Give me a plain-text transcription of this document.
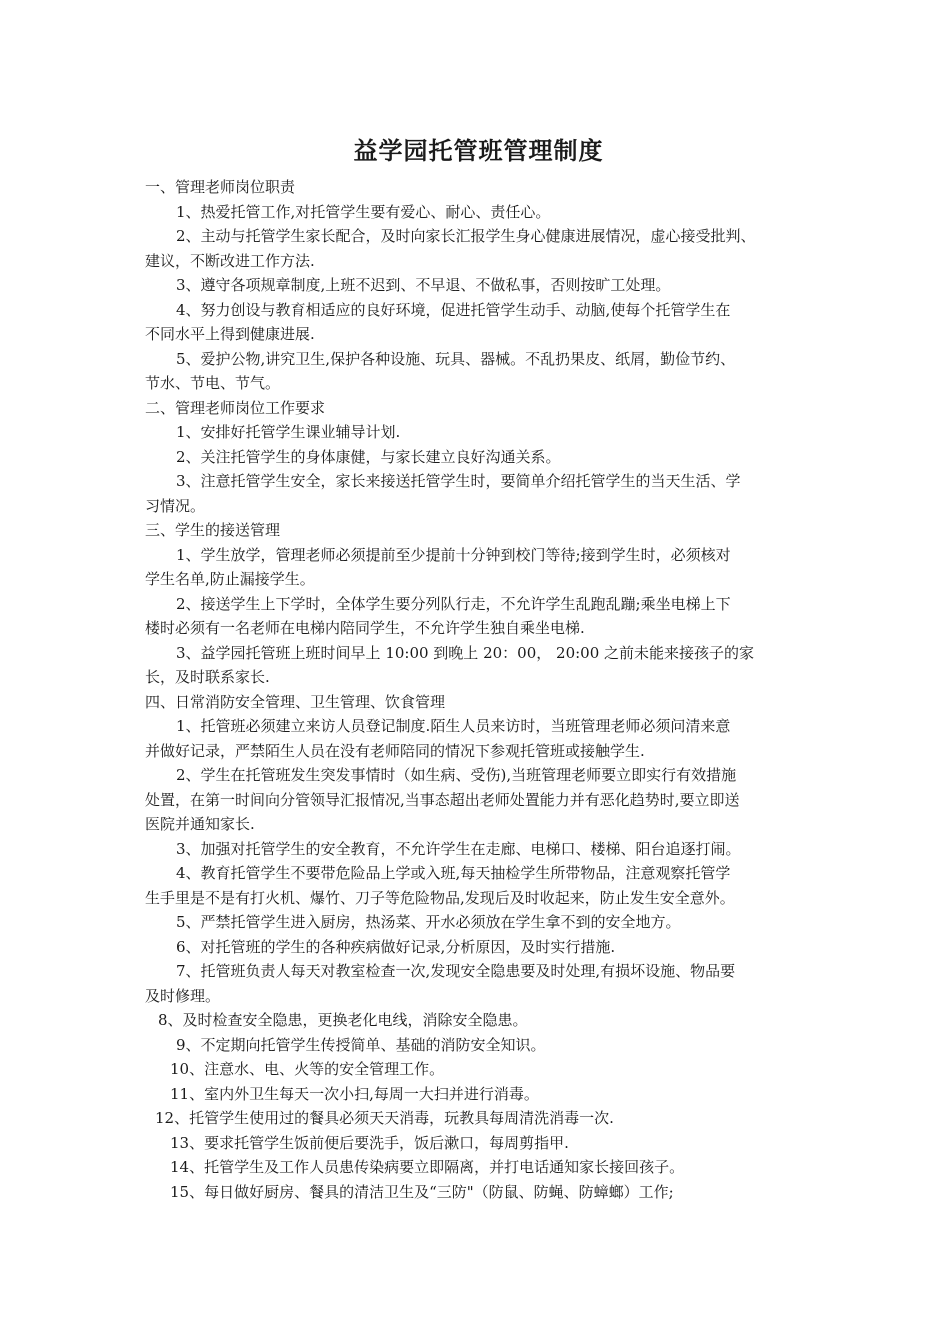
益学园托管班管理制度
一、管理老师岗位职责
1、热爱托管工作,对托管学生要有爱心、耐心、责任心。
2、主动与托管学生家长配合，及时向家长汇报学生身心健康进展情况，虚心接受批判、
建议，不断改进工作方法.
3、遵守各项规章制度,上班不迟到、不早退、不做私事，否则按旷工处理。
4、努力创设与教育相适应的良好环境，促进托管学生动手、动脑,使每个托管学生在
不同水平上得到健康进展.
5、爱护公物,讲究卫生,保护各种设施、玩具、器械。不乱扔果皮、纸屑，勤俭节约、
节水、节电、节气。
二、管理老师岗位工作要求
1、安排好托管学生课业辅导计划.
2、关注托管学生的身体康健，与家长建立良好沟通关系。
3、注意托管学生安全，家长来接送托管学生时，要简单介绍托管学生的当天生活、学
习情况。
三、学生的接送管理
1、学生放学，管理老师必须提前至少提前十分钟到校门等待;接到学生时，必须核对
学生名单,防止漏接学生。
2、接送学生上下学时，全体学生要分列队行走，不允许学生乱跑乱蹦;乘坐电梯上下
楼时必须有一名老师在电梯内陪同学生，不允许学生独自乘坐电梯.
3、益学园托管班上班时间早上 10:00 到晚上 20：00， 20:00 之前未能来接孩子的家
长，及时联系家长.
四、日常消防安全管理、卫生管理、饮食管理
1、托管班必须建立来访人员登记制度.陌生人员来访时，当班管理老师必须问清来意
并做好记录，严禁陌生人员在没有老师陪同的情况下参观托管班或接触学生.
2、学生在托管班发生突发事情时（如生病、受伤),当班管理老师要立即实行有效措施
处置，在第一时间向分管领导汇报情况,当事态超出老师处置能力并有恶化趋势时,要立即送
医院并通知家长.
3、加强对托管学生的安全教育，不允许学生在走廊、电梯口、楼梯、阳台追逐打闹。
4、教育托管学生不要带危险品上学或入班,每天抽检学生所带物品，注意观察托管学
生手里是不是有打火机、爆竹、刀子等危险物品,发现后及时收起来，防止发生安全意外。
5、严禁托管学生进入厨房，热汤菜、开水必须放在学生拿不到的安全地方。
6、对托管班的学生的各种疾病做好记录,分析原因，及时实行措施.
7、托管班负责人每天对教室检查一次,发现安全隐患要及时处理,有损坏设施、物品要
及时修理。
8、及时检查安全隐患，更换老化电线，消除安全隐患。
9、不定期向托管学生传授简单、基础的消防安全知识。
10、注意水、电、火等的安全管理工作。
11、室内外卫生每天一次小扫,每周一大扫并进行消毒。
12、托管学生使用过的餐具必须天天消毒，玩教具每周清洗消毒一次.
13、要求托管学生饭前便后要洗手，饭后漱口，每周剪指甲.
14、托管学生及工作人员患传染病要立即隔离，并打电话通知家长接回孩子。
15、每日做好厨房、餐具的清洁卫生及“三防"（防鼠、防蝇、防蟑螂）工作;
